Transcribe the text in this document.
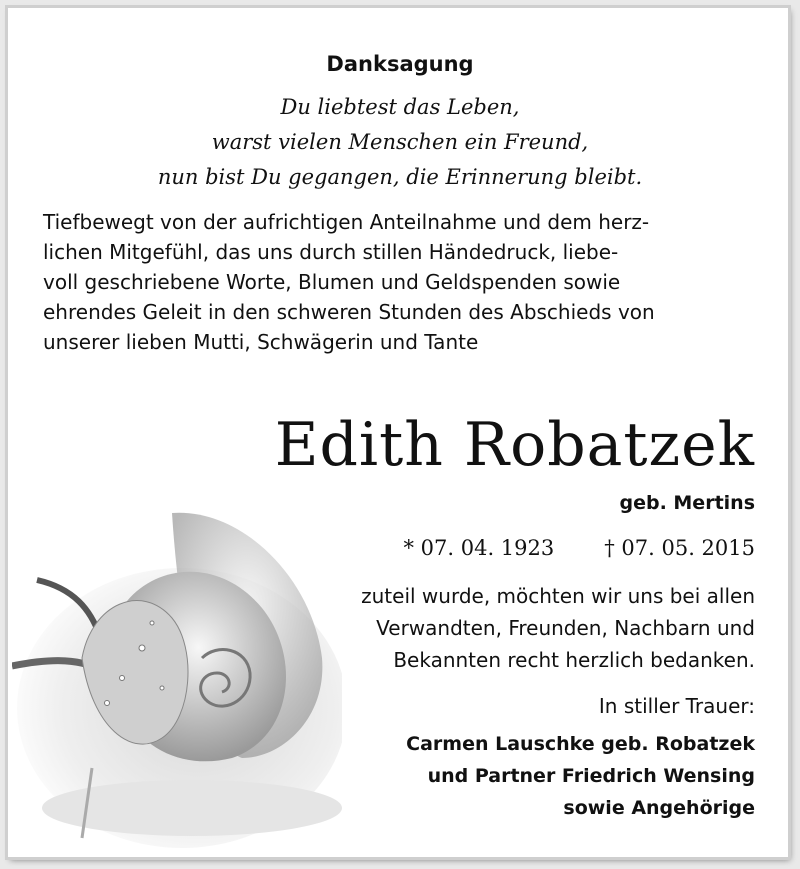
Danksagung
Du liebtest das Leben,
warst vielen Menschen ein Freund,
nun bist Du gegangen, die Erinnerung bleibt.
Tiefbewegt von der aufrichtigen Anteilnahme und dem herz-
lichen Mitgefühl, das uns durch stillen Händedruck, liebe-
voll geschriebene Worte, Blumen und Geldspenden sowie
ehrendes Geleit in den schweren Stunden des Abschieds von
unserer lieben Mutti, Schwägerin und Tante
Edith Robatzek
geb. Mertins
* 07. 04. 1923 † 07. 05. 2015
zuteil wurde, möchten wir uns bei allen
Verwandten, Freunden, Nachbarn und
Bekannten recht herzlich bedanken.
In stiller Trauer:
Carmen Lauschke geb. Robatzek
und Partner Friedrich Wensing
sowie Angehörige
